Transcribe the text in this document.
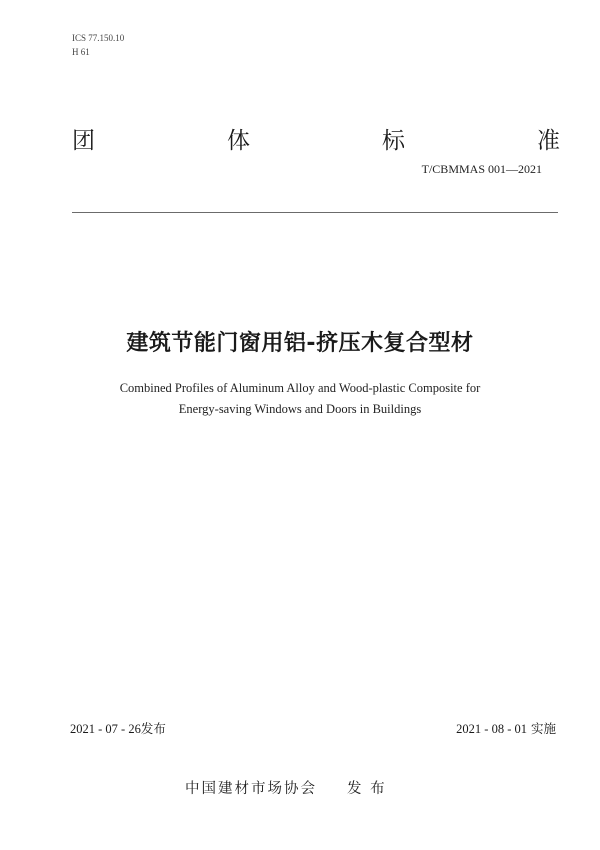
ICS 77.150.10
H 61
团	体	标	准
T/CBMMAS 001—2021
建筑节能门窗用铝-挤压木复合型材
Combined Profiles of Aluminum Alloy and Wood-plastic Composite for
Energy-saving Windows and Doors in Buildings
2021 - 07 - 26发布	2021 - 08 - 01 实施
中国建材市场协会 发 布
